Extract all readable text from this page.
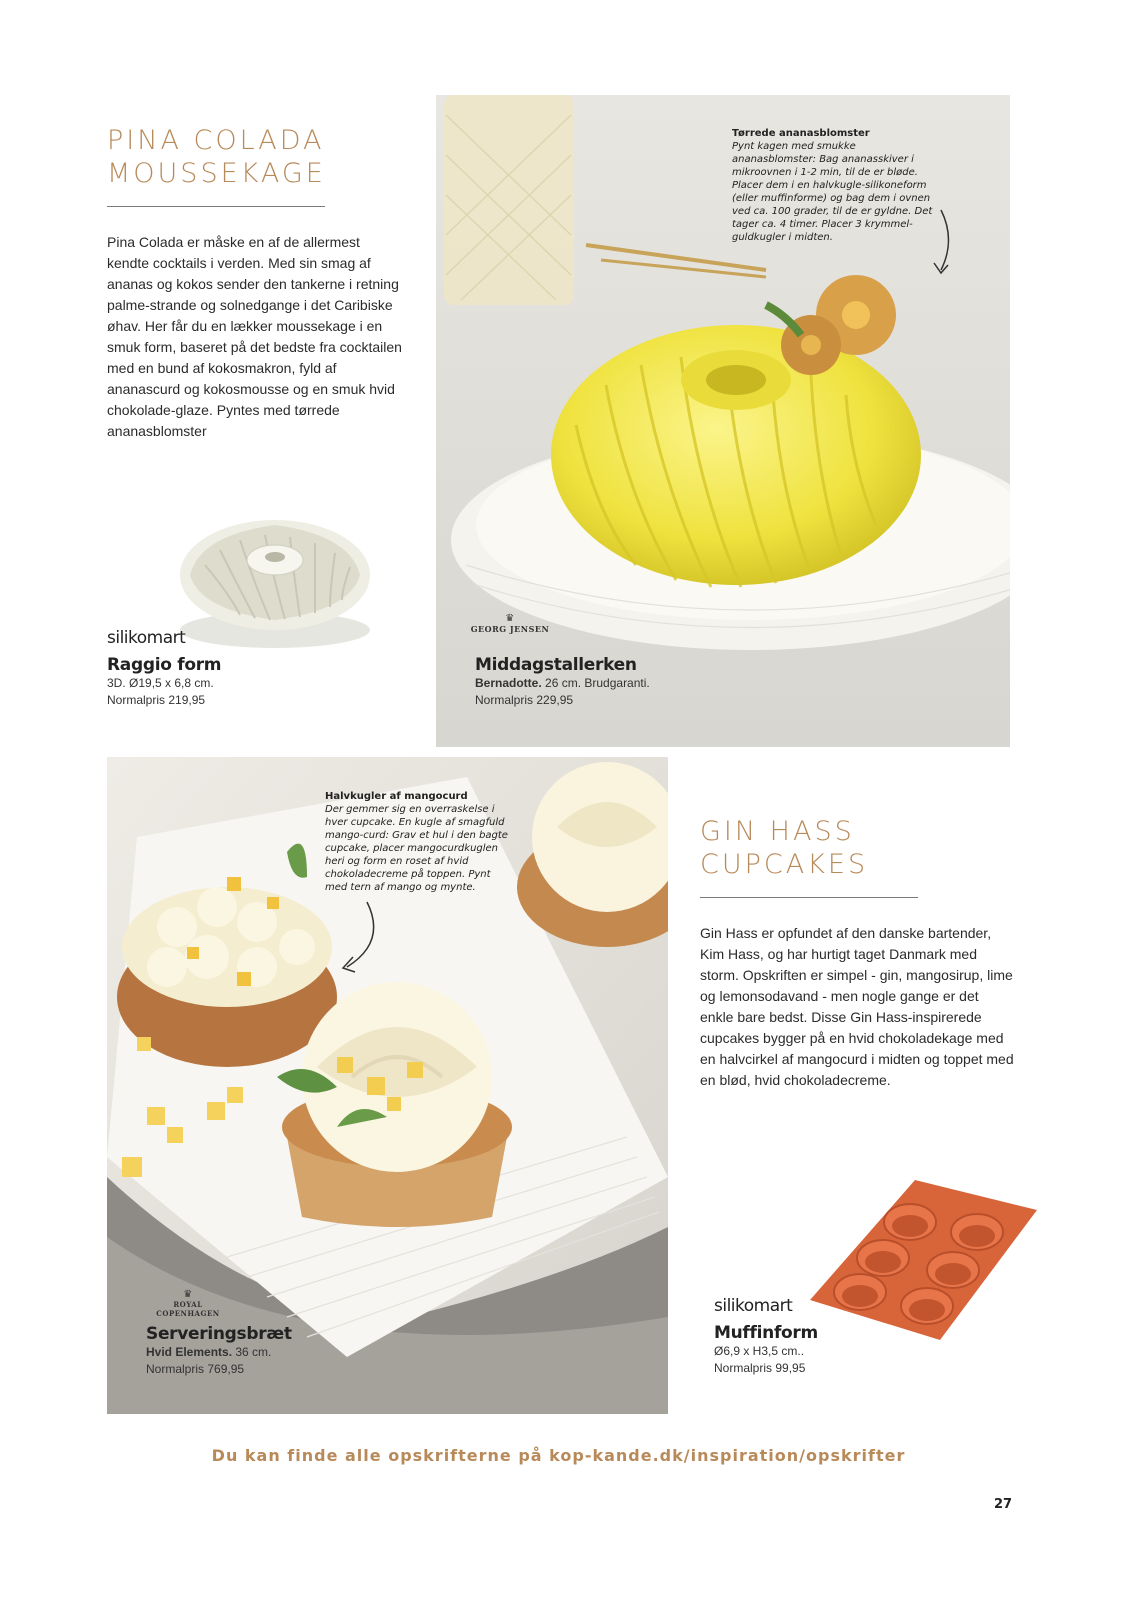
PINA COLADA
MOUSSEKAGE
Pina Colada er måske en af de allermest kendte cocktails i verden. Med sin smag af ananas og kokos sender den tankerne i retning palme-strande og solnedgange i det Caribiske øhav. Her får du en lækker moussekage i en smuk form, baseret på det bedste fra cocktailen med en bund af kokosmakron, fyld af ananascurd og kokosmousse og en smuk hvid chokolade-glaze. Pyntes med tørrede ananasblomster
silikomart
Raggio form
3D. Ø19,5 x 6,8 cm.
Normalpris 219,95
Tørrede ananasblomster
Pynt kagen med smukke ananasblomster: Bag ananasskiver i mikroovnen i 1-2 min, til de er bløde. Placer dem i en halvkugle-silikoneform (eller muffinforme) og bag dem i ovnen ved ca. 100 grader, til de er gyldne. Det tager ca. 4 timer. Placer 3 krymmel-guldkugler i midten.
♛
GEORG JENSEN
Middagstallerken
Bernadotte. 26 cm. Brudgaranti.
Normalpris 229,95
Halvkugler af mangocurd
Der gemmer sig en overraskelse i hver cupcake. En kugle af smagfuld mango-curd: Grav et hul i den bagte cupcake, placer mangocurdkuglen heri og form en roset af hvid chokoladecreme på toppen. Pynt med tern af mango og mynte.
♛
ROYAL COPENHAGEN
Serveringsbræt
Hvid Elements. 36 cm.
Normalpris 769,95
GIN HASS
CUPCAKES
Gin Hass er opfundet af den danske bartender, Kim Hass, og har hurtigt taget Danmark med storm. Opskriften er simpel - gin, mangosirup, lime og lemonsodavand - men nogle gange er det enkle bare bedst. Disse Gin Hass-inspirerede cupcakes bygger på en hvid chokoladekage med en halvcirkel af mangocurd i midten og toppet med en blød, hvid chokoladecreme.
silikomart
Muffinform
Ø6,9 x H3,5 cm..
Normalpris 99,95
Du kan finde alle opskrifterne på kop-kande.dk/inspiration/opskrifter
27
